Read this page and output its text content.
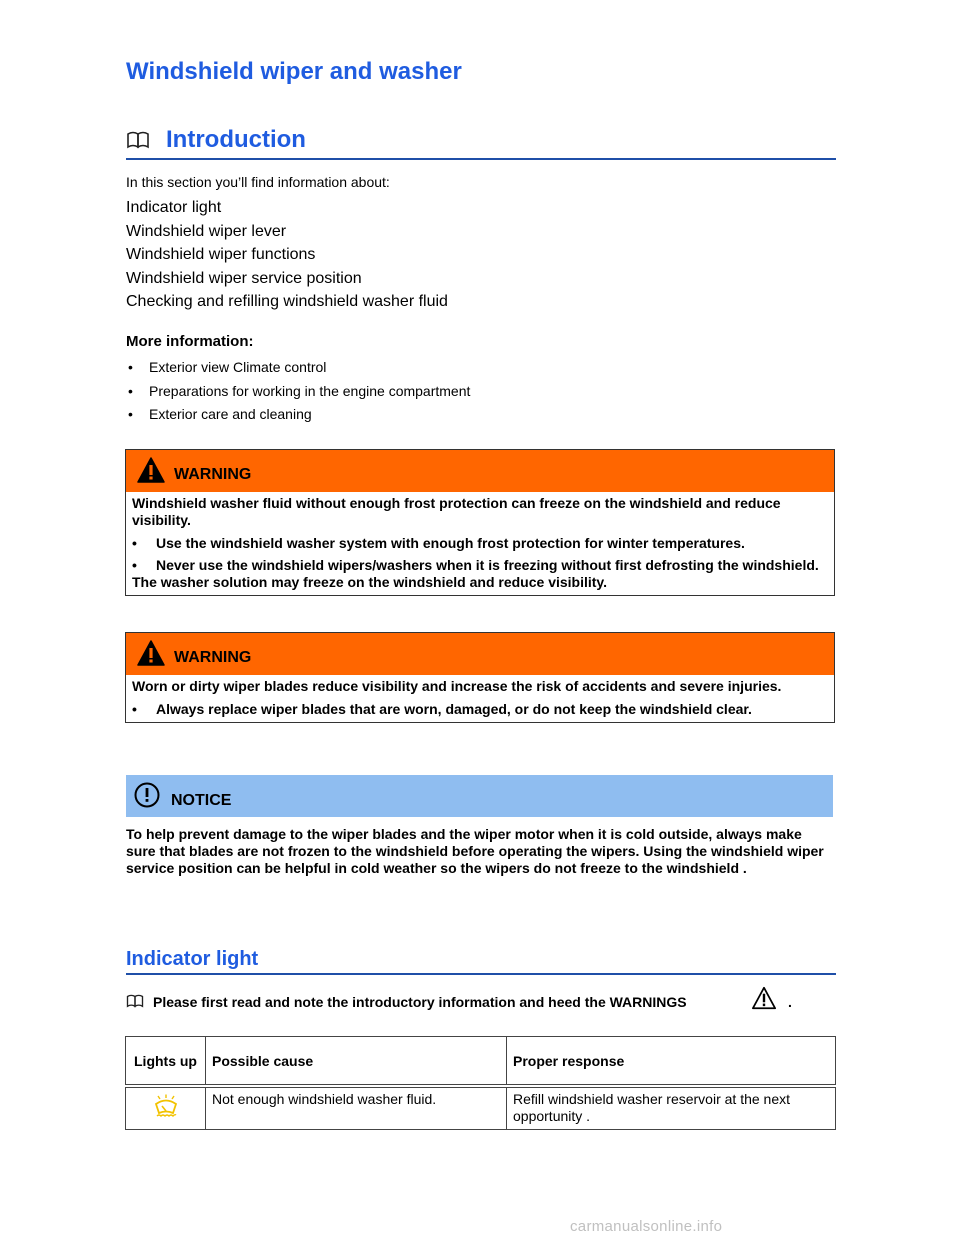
Windshield wiper and washer
Introduction
In this section you’ll find information about:
Indicator light
Windshield wiper lever
Windshield wiper functions
Windshield wiper service position
Checking and refilling windshield washer fluid
More information:
• Exterior view Climate control
• Preparations for working in the engine compartment
• Exterior care and cleaning
WARNING
Windshield washer fluid without enough frost protection can freeze on the windshield and reduce visibility.
• Use the windshield washer system with enough frost protection for winter temperatures.
• Never use the windshield wipers/washers when it is freezing without first defrosting the windshield. The washer solution may freeze on the windshield and reduce visibility.
WARNING
Worn or dirty wiper blades reduce visibility and increase the risk of accidents and severe injuries.
• Always replace wiper blades that are worn, damaged, or do not keep the windshield clear.
NOTICE
To help prevent damage to the wiper blades and the wiper motor when it is cold outside, always make sure that blades are not frozen to the windshield before operating the wipers. Using the windshield wiper service position can be helpful in cold weather so the wipers do not freeze to the windshield .
Indicator light
Please first read and note the introductory information and heed the WARNINGS	.
Lights up	Possible cause	Proper response
	Not enough windshield washer fluid.	Refill windshield washer reservoir at the next opportunity .
carmanualsonline.info
